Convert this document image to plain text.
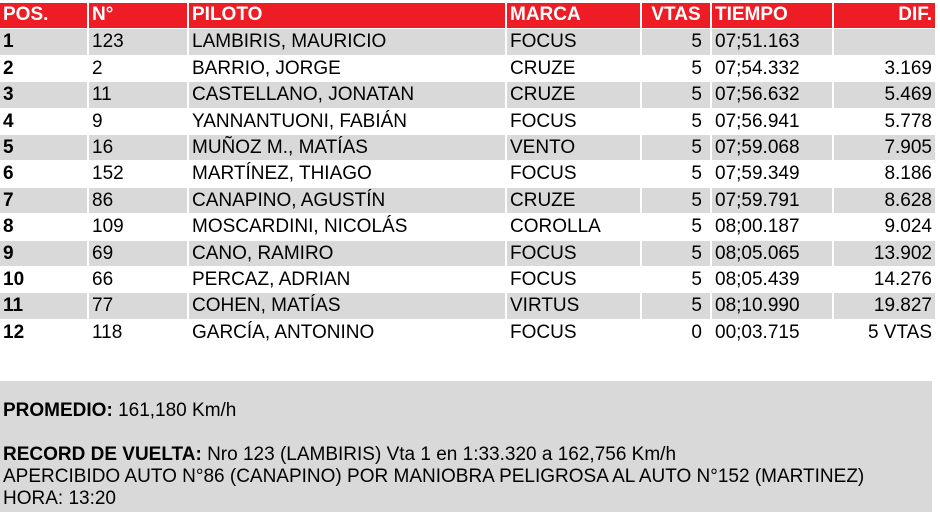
POS.	N°	PILOTO	MARCA	VTAS TIEMPO	DIF.
1	123	LAMBIRIS, MAURICIO	FOCUS	5 07;51.163
2	2	BARRIO, JORGE	CRUZE	5 07;54.332	3.169
3	11	CASTELLANO, JONATAN	CRUZE	5 07;56.632	5.469
4	9	YANNANTUONI, FABIÁN	FOCUS	5 07;56.941	5.778
5	16	MUÑOZ M., MATÍAS	VENTO	5 07;59.068	7.905
6	152	MARTÍNEZ, THIAGO	FOCUS	5 07;59.349	8.186
7	86	CANAPINO, AGUSTÍN	CRUZE	5 07;59.791	8.628
8	109	MOSCARDINI, NICOLÁS	COROLLA	5 08;00.187	9.024
9	69	CANO, RAMIRO	FOCUS	5 08;05.065	13.902
10	66	PERCAZ, ADRIAN	FOCUS	5 08;05.439	14.276
11	77	COHEN, MATÍAS	VIRTUS	5 08;10.990	19.827
12	118	GARCÍA, ANTONINO	FOCUS	0 00;03.715	5 VTAS
PROMEDIO: 161,180 Km/h
RECORD DE VUELTA: Nro 123 (LAMBIRIS) Vta 1 en 1:33.320 a 162,756 Km/h
APERCIBIDO AUTO N°86 (CANAPINO) POR MANIOBRA PELIGROSA AL AUTO N°152 (MARTINEZ)
HORA: 13:20
